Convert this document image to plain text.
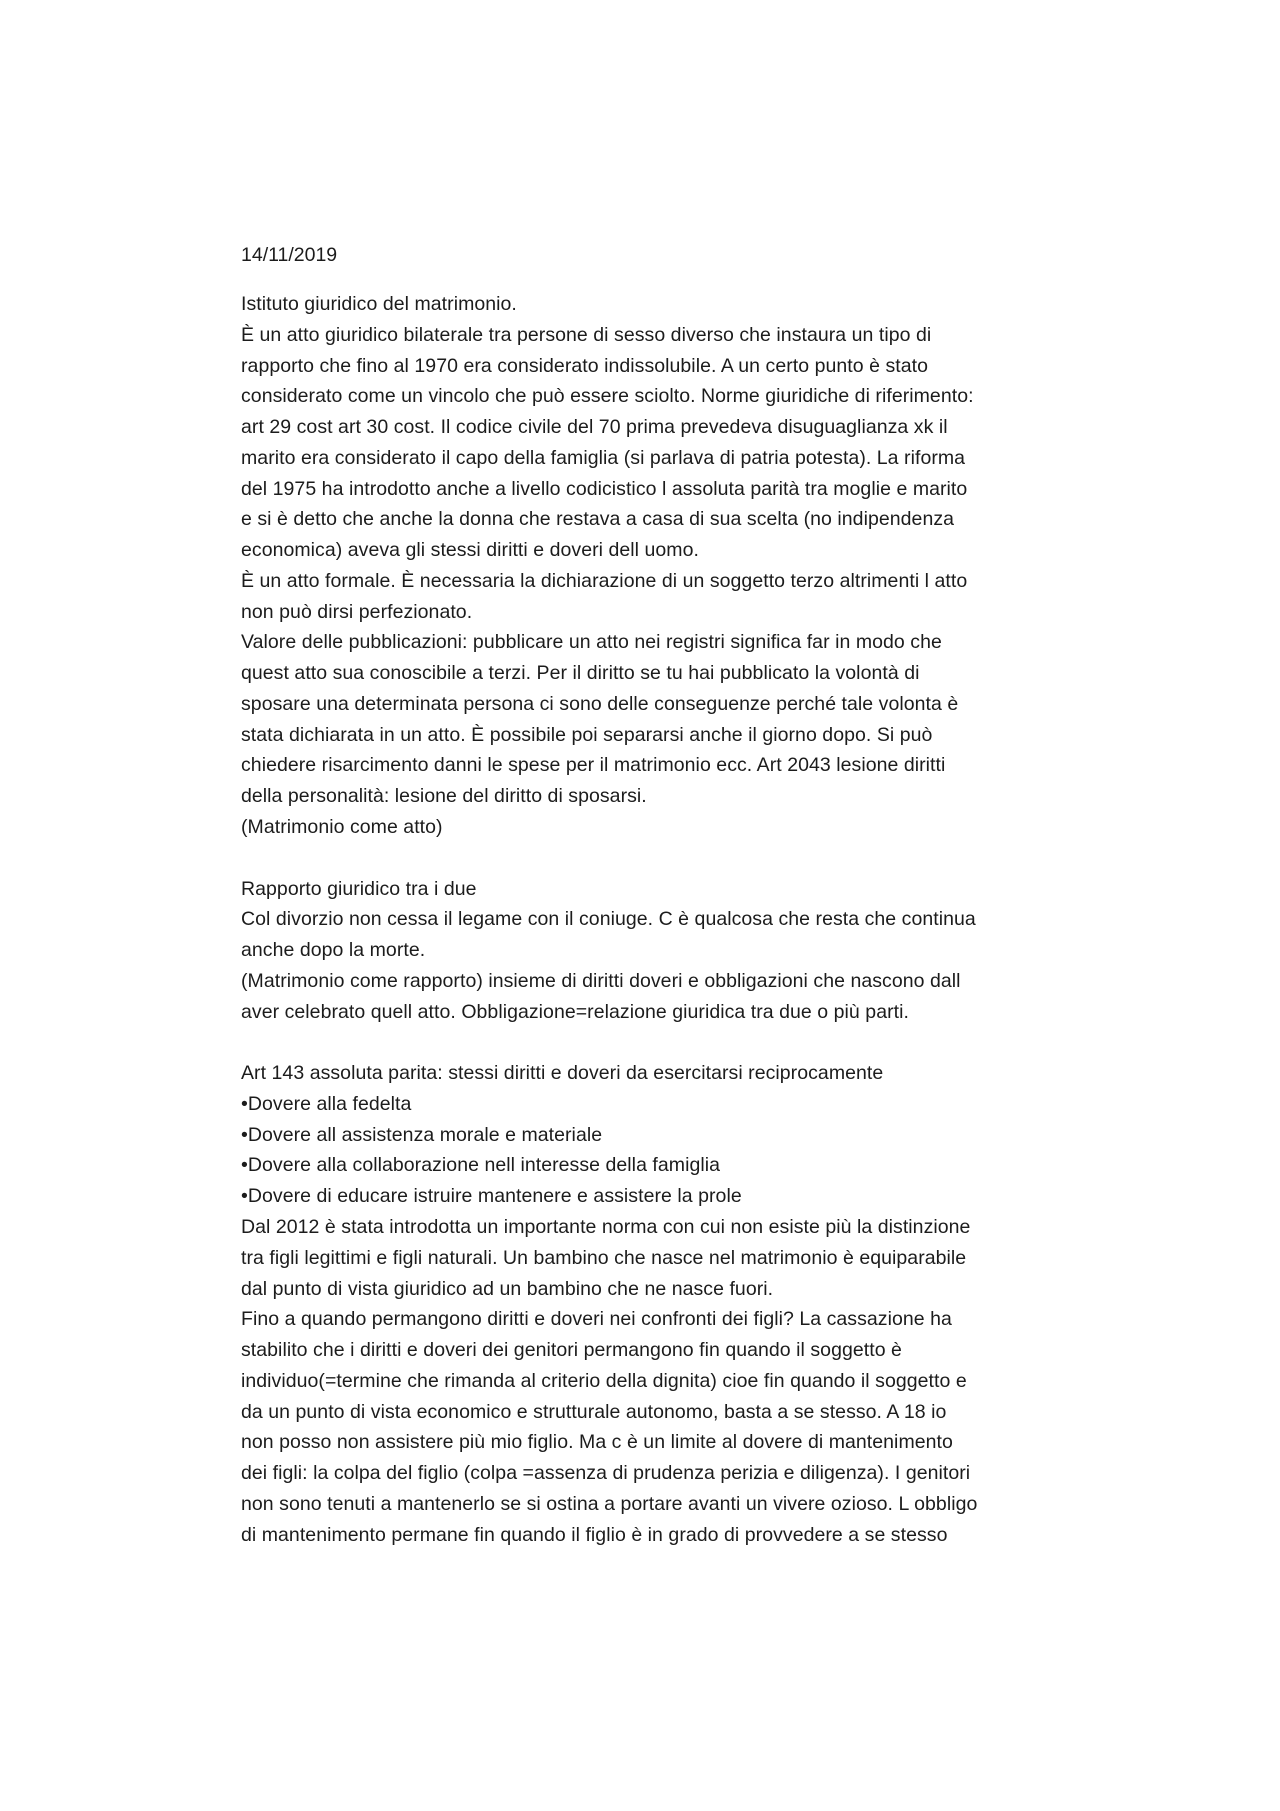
14/11/2019
Istituto giuridico del matrimonio.
È un atto giuridico bilaterale tra persone di sesso diverso che instaura un tipo di
rapporto che fino al 1970 era considerato indissolubile. A un certo punto è stato
considerato come un vincolo che può essere sciolto. Norme giuridiche di riferimento:
art 29 cost art 30 cost. Il codice civile del 70 prima prevedeva disuguaglianza xk il
marito era considerato il capo della famiglia (si parlava di patria potesta). La riforma
del 1975 ha introdotto anche a livello codicistico l assoluta parità tra moglie e marito
e si è detto che anche la donna che restava a casa di sua scelta (no indipendenza
economica) aveva gli stessi diritti e doveri dell uomo.
È un atto formale. È necessaria la dichiarazione di un soggetto terzo altrimenti l atto
non può dirsi perfezionato.
Valore delle pubblicazioni: pubblicare un atto nei registri significa far in modo che
quest atto sua conoscibile a terzi. Per il diritto se tu hai pubblicato la volontà di
sposare una determinata persona ci sono delle conseguenze perché tale volonta è
stata dichiarata in un atto. È possibile poi separarsi anche il giorno dopo. Si può
chiedere risarcimento danni le spese per il matrimonio ecc. Art 2043 lesione diritti
della personalità: lesione del diritto di sposarsi.
(Matrimonio come atto)
Rapporto giuridico tra i due
Col divorzio non cessa il legame con il coniuge. C è qualcosa che resta che continua
anche dopo la morte.
(Matrimonio come rapporto) insieme di diritti doveri e obbligazioni che nascono dall
aver celebrato quell atto. Obbligazione=relazione giuridica tra due o più parti.
Art 143 assoluta parita: stessi diritti e doveri da esercitarsi reciprocamente
•Dovere alla fedelta
•Dovere all assistenza morale e materiale
•Dovere alla collaborazione nell interesse della famiglia
•Dovere di educare istruire mantenere e assistere la prole
Dal 2012 è stata introdotta un importante norma con cui non esiste più la distinzione
tra figli legittimi e figli naturali. Un bambino che nasce nel matrimonio è equiparabile
dal punto di vista giuridico ad un bambino che ne nasce fuori.
Fino a quando permangono diritti e doveri nei confronti dei figli? La cassazione ha
stabilito che i diritti e doveri dei genitori permangono fin quando il soggetto è
individuo(=termine che rimanda al criterio della dignita) cioe fin quando il soggetto e
da un punto di vista economico e strutturale autonomo, basta a se stesso. A 18 io
non posso non assistere più mio figlio. Ma c è un limite al dovere di mantenimento
dei figli: la colpa del figlio (colpa =assenza di prudenza perizia e diligenza). I genitori
non sono tenuti a mantenerlo se si ostina a portare avanti un vivere ozioso. L obbligo
di mantenimento permane fin quando il figlio è in grado di provvedere a se stesso
